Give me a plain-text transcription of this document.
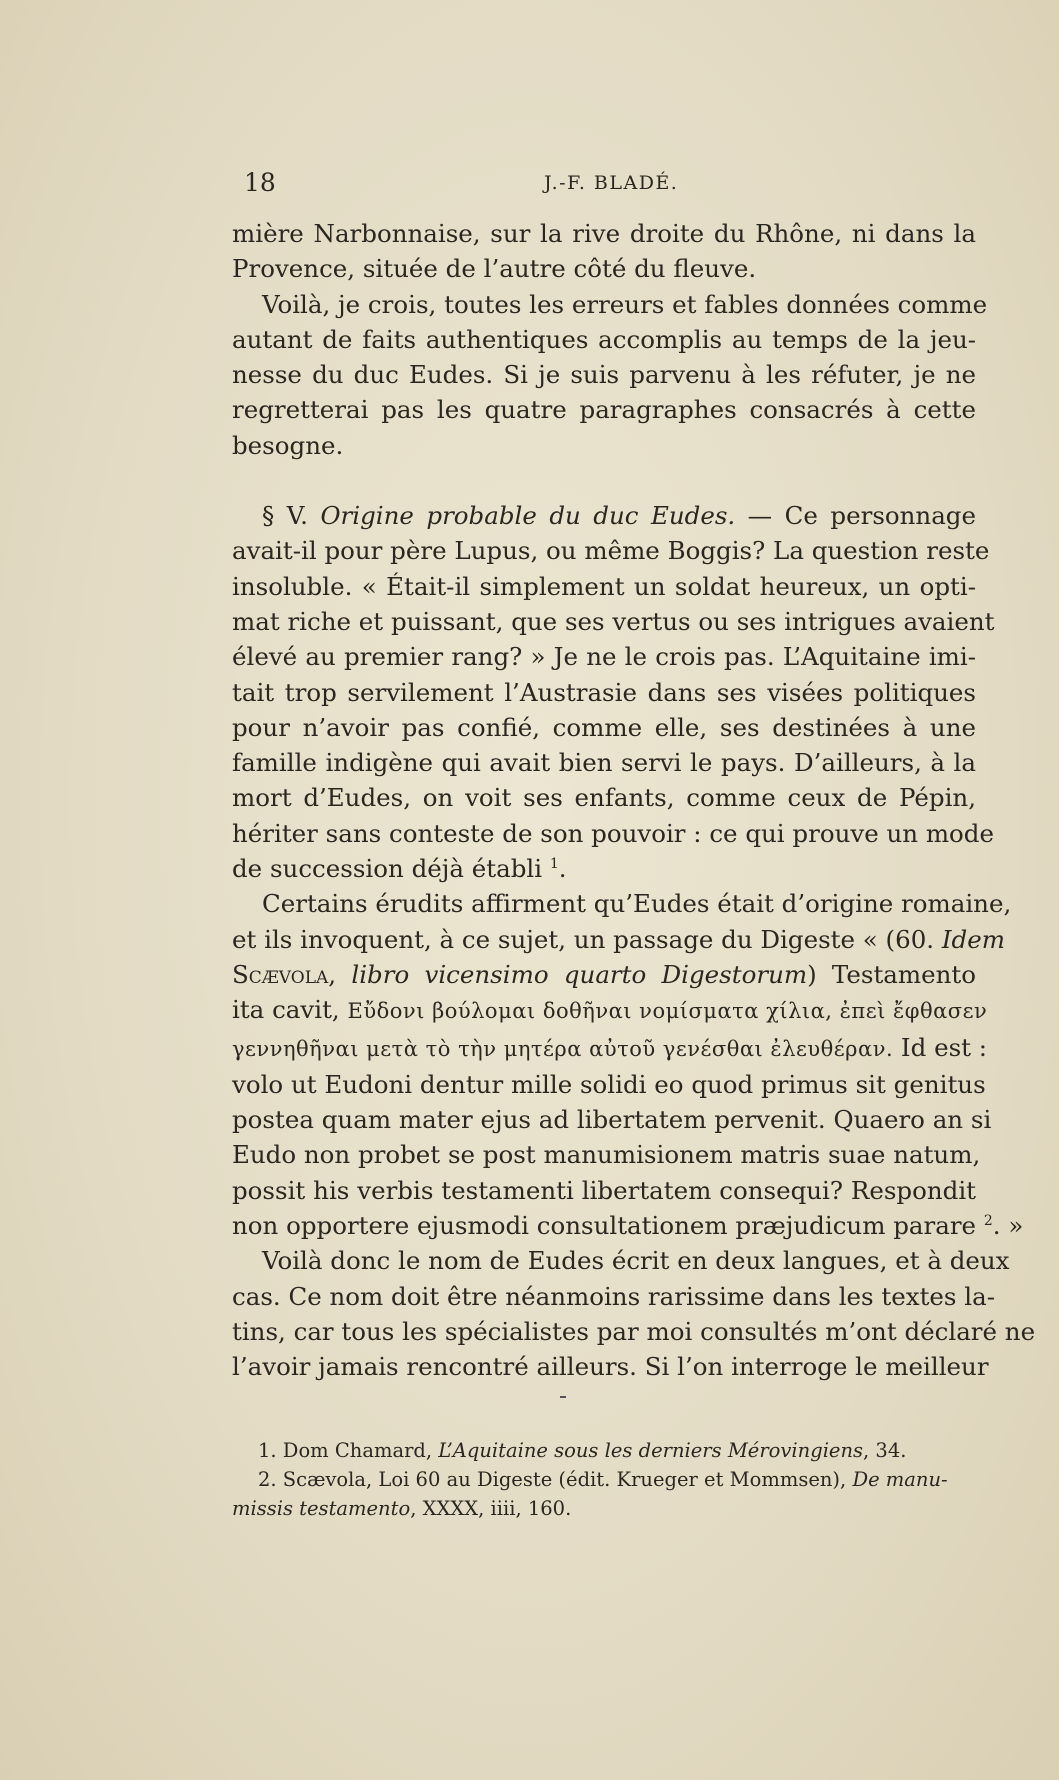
18	J.-F. BLADÉ.

mière Narbonnaise, sur la rive droite du Rhône, ni dans la
Provence, située de l’autre côté du fleuve.

Voilà, je crois, toutes les erreurs et fables données comme
autant de faits authentiques accomplis au temps de la jeu-
nesse du duc Eudes. Si je suis parvenu à les réfuter, je ne
regretterai pas les quatre paragraphes consacrés à cette
besogne.

§ V. Origine probable du duc Eudes. — Ce personnage
avait-il pour père Lupus, ou même Boggis? La question reste
insoluble. « Était-il simplement un soldat heureux, un opti-
mat riche et puissant, que ses vertus ou ses intrigues avaient
élevé au premier rang? » Je ne le crois pas. L’Aquitaine imi-
tait trop servilement l’Austrasie dans ses visées politiques
pour n’avoir pas confié, comme elle, ses destinées à une
famille indigène qui avait bien servi le pays. D’ailleurs, à la
mort d’Eudes, on voit ses enfants, comme ceux de Pépin,
hériter sans conteste de son pouvoir : ce qui prouve un mode
de succession déjà établi $^1$.

Certains érudits affirment qu’Eudes était d’origine romaine,
et ils invoquent, à ce sujet, un passage du Digeste « (60. Idem
Scævola, libro vicensimo quarto Digestorum) Testamento
ita cavit, Εὔδονι βούλομαι δοθῆναι νομίσματα χίλια, ἐπεὶ ἔφθασεν
γεννηθῆναι μετὰ τὸ τὴν μητέρα αὐτοῦ γενέσθαι ἐλευθέραν. Id est :
volo ut Eudoni dentur mille solidi eo quod primus sit genitus
postea quam mater ejus ad libertatem pervenit. Quaero an si
Eudo non probet se post manumisionem matris suae natum,
possit his verbis testamenti libertatem consequi? Respondit
non opportere ejusmodi consultationem præjudicum parare $^2$. »

Voilà donc le nom de Eudes écrit en deux langues, et à deux
cas. Ce nom doit être néanmoins rarissime dans les textes la-
tins, car tous les spécialistes par moi consultés m’ont déclaré ne
l’avoir jamais rencontré ailleurs. Si l’on interroge le meilleur

1. Dom Chamard, L’Aquitaine sous les derniers Mérovingiens, 34.
2. Scævola, Loi 60 au Digeste (édit. Krueger et Mommsen), De manu-
missis testamento, XXXX, iiii, 160.
